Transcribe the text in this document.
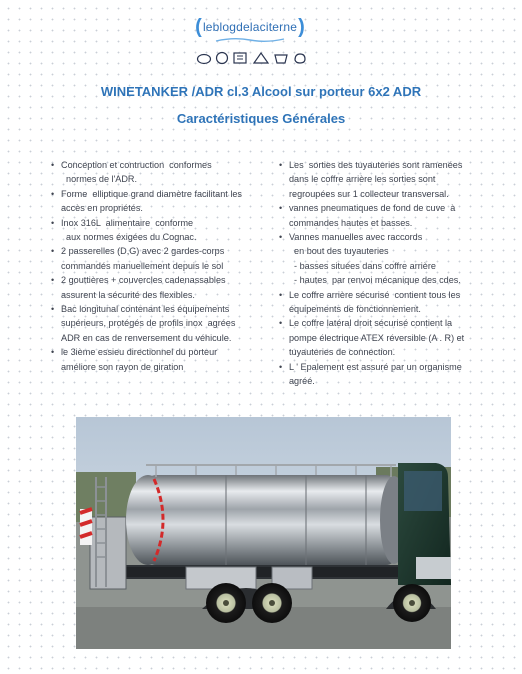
( leblogdelaciterne )
WINETANKER /ADR cl.3 Alcool sur porteur 6x2 ADR
Caractéristiques Générales
• Conception et contruction  conformes
normes de l'ADR.
• Forme  elliptique grand diamètre facilitant les
accès en propriétés.
• Inox 316L  alimentaire  conforme
aux normes éxigées du Cognac.
• 2 passerelles (D,G) avec 2 gardes-corps
commandés manuellement depuis le sol
• 2 gouttières + couvercles cadenassables
assurent la sécurité des flexibles.
• Bac longitunal contenant les équipements
supérieurs, protégés de profils inox  agrées
ADR en cas de renversement du véhicule.
• le 3ième essieu directionnel du porteur
améliore son rayon de giration
• Les  sorties des tuyauteries sont ramenées
dans le coffre arrière les sorties sont
regroupées sur 1 collecteur transversal.
• vannes pneumatiques de fond de cuve  à
commandes hautes et basses.
• Vannes manuelles avec raccords
en bout des tuyauteries
- basses situées dans coffre arrière
- hautes  par renvoi mécanique des cdes.
• Le coffre arrière sécurisé  contient tous les
équipements de fonctionnement.
• Le coffre latéral droit sécurisé contient la
pompe électrique ATEX réversible (A . R) et
tuyauteries de connection.
• L ' Epalement est assuré par un organisme
agréé.
